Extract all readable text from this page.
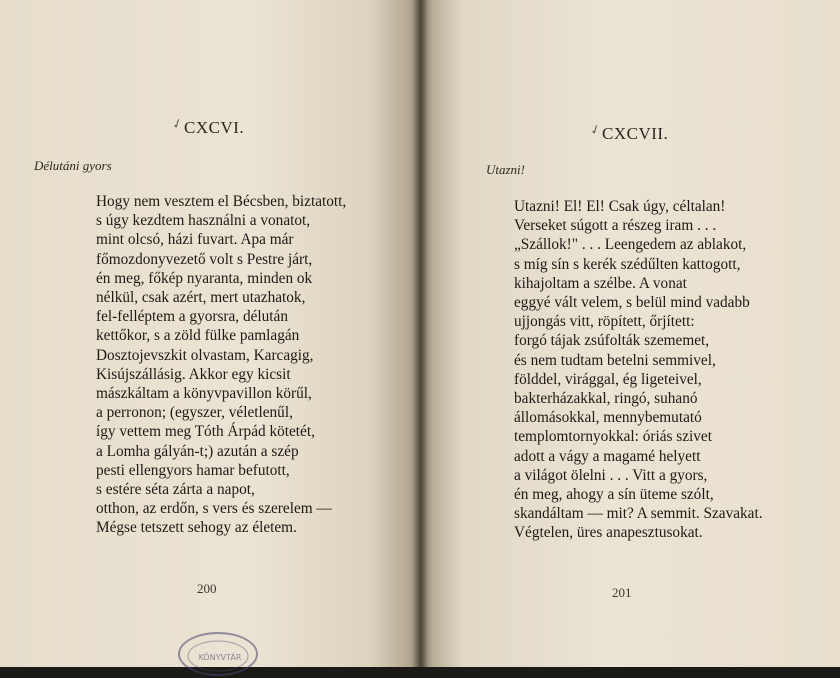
✓ CXCVI.
Délutáni gyors
Hogy nem vesztem el Bécsben, biztatott,
s úgy kezdtem használni a vonatot,
mint olcsó, házi fuvart. Apa már
főmozdonyvezető volt s Pestre járt,
én meg, főkép nyaranta, minden ok
nélkül, csak azért, mert utazhatok,
fel-felléptem a gyorsra, délután
kettőkor, s a zöld fülke pamlagán
Dosztojevszkit olvastam, Karcagig,
Kisújszállásig. Akkor egy kicsit
mászkáltam a könyvpavillon körűl,
a perronon; (egyszer, véletlenűl,
így vettem meg Tóth Árpád kötetét,
a Lomha gályán-t;) azután a szép
pesti ellengyors hamar befutott,
s estére séta zárta a napot,
otthon, az erdőn, s vers és szerelem —
Mégse tetszett sehogy az életem.
200
KÖNYVTÁR
✓ CXCVII.
Utazni!
Utazni! El! El! Csak úgy, céltalan!
Verseket súgott a részeg iram . . .
„Szállok!" . . . Leengedem az ablakot,
s míg sín s kerék szédűlten kattogott,
kihajoltam a szélbe. A vonat
eggyé vált velem, s belül mind vadabb
ujjongás vitt, röpített, őrjített:
forgó tájak zsúfolták szememet,
és nem tudtam betelni semmivel,
földdel, virággal, ég ligeteivel,
bakterházakkal, ringó, suhanó
állomásokkal, mennybemutató
templomtornyokkal: óriás szivet
adott a vágy a magamé helyett
a világot ölelni . . . Vitt a gyors,
én meg, ahogy a sín üteme szólt,
skandáltam — mit? A semmit. Szavakat.
Végtelen, üres anapesztusokat.
201
